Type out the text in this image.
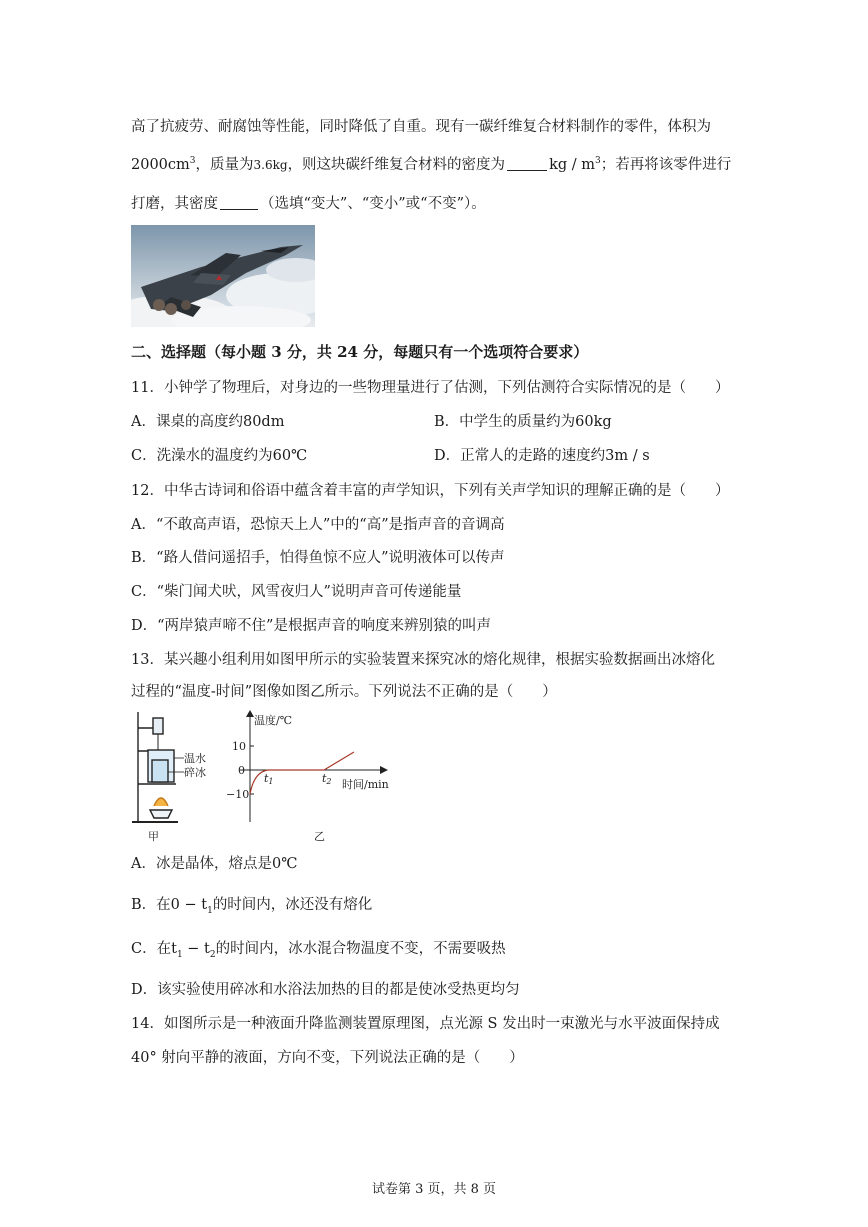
高了抗疲劳、耐腐蚀等性能，同时降低了自重。现有一碳纤维复合材料制作的零件，体积为
$2000cm^3$，质量为3.6kg，则这块碳纤维复合材料的密度为	kg / $m^3$；若再将该零件进行
打磨，其密度	（选填“变大”、“变小”或“不变”）。
二、选择题（每小题 3 分，共 24 分，每题只有一个选项符合要求）
11．小钟学了物理后，对身边的一些物理量进行了估测，下列估测符合实际情况的是（　　）
A．课桌的高度约80dm	B．中学生的质量约为60kg
C．洗澡水的温度约为60℃	D．正常人的走路的速度约3m / s
12．中华古诗词和俗语中蕴含着丰富的声学知识，下列有关声学知识的理解正确的是（　　）
A．“不敢高声语，恐惊天上人”中的“高”是指声音的音调高
B．“路人借问遥招手，怕得鱼惊不应人”说明液体可以传声
C．“柴门闻犬吠，风雪夜归人”说明声音可传递能量
D．“两岸猿声啼不住”是根据声音的响度来辨别猿的叫声
13．某兴趣小组利用如图甲所示的实验装置来探究冰的熔化规律，根据实验数据画出冰熔化
过程的“温度-时间”图像如图乙所示。下列说法不正确的是（　　）
温水
碎冰
甲
温度/℃
10
0
−10
t1	t2 时间/min
乙
A．冰是晶体，熔点是0℃
B．在$0 - t_1$的时间内，冰还没有熔化
C．在$t_1 - t_2$的时间内，冰水混合物温度不变，不需要吸热
D．该实验使用碎冰和水浴法加热的目的都是使冰受热更均匀
14．如图所示是一种液面升降监测装置原理图，点光源 S 发出时一束激光与水平波面保持成
40° 射向平静的液面，方向不变，下列说法正确的是（　　）
试卷第 3 页，共 8 页
